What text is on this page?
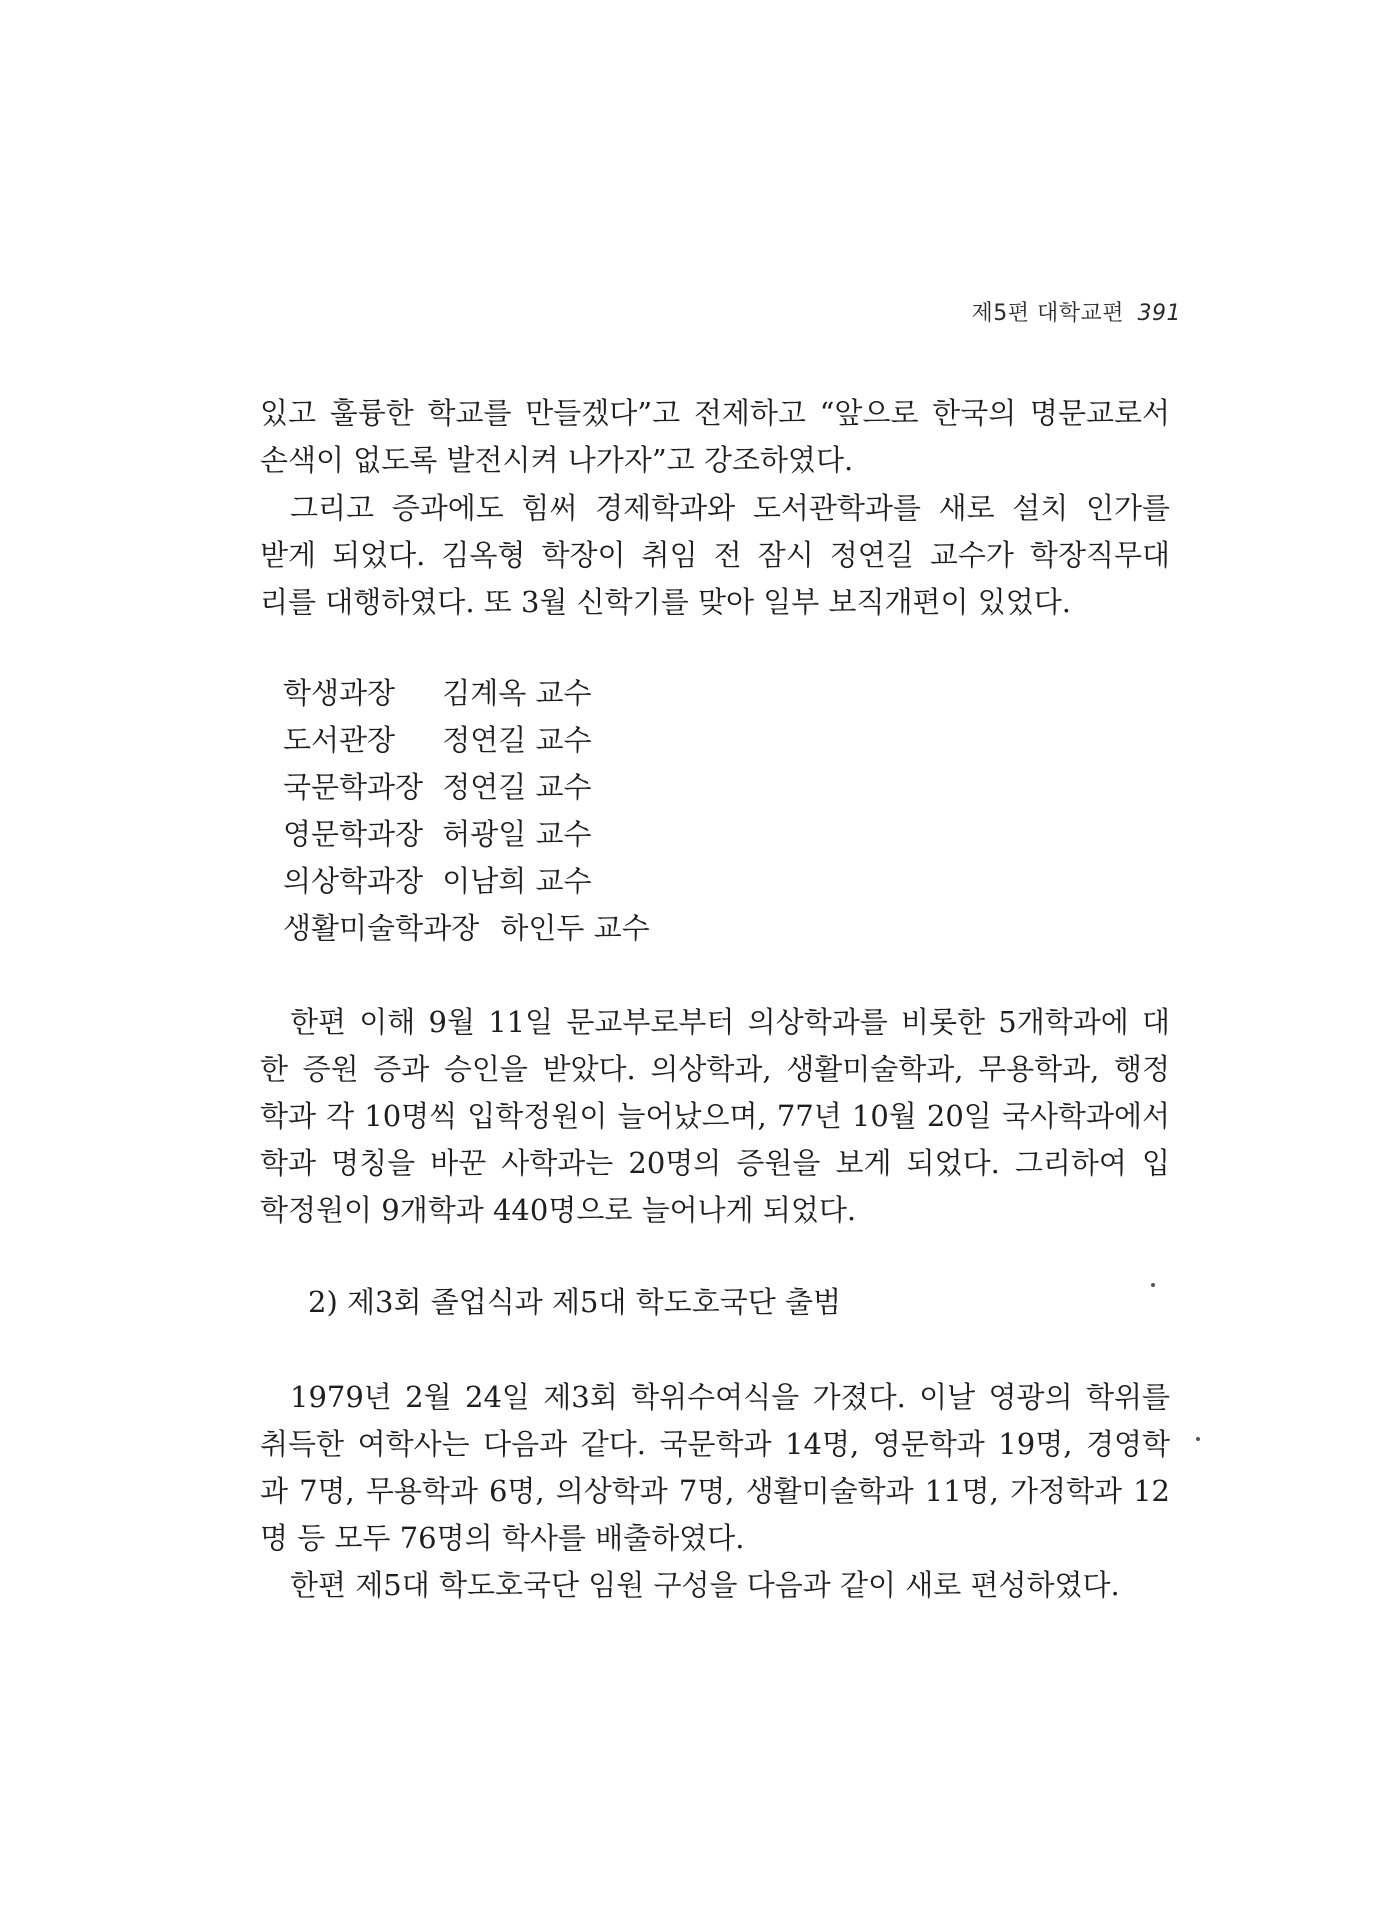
제5편 대학교편 391
있고 훌륭한 학교를 만들겠다”고 전제하고 “앞으로 한국의 명문교로서
손색이 없도록 발전시켜 나가자”고 강조하였다.
그리고 증과에도 힘써 경제학과와 도서관학과를 새로 설치 인가를
받게 되었다. 김옥형 학장이 취임 전 잠시 정연길 교수가 학장직무대
리를 대행하였다. 또 3월 신학기를 맞아 일부 보직개편이 있었다.
학생과장 김계옥 교수
도서관장 정연길 교수
국문학과장 정연길 교수
영문학과장 허광일 교수
의상학과장 이남희 교수
생활미술학과장 하인두 교수
한편 이해 9월 11일 문교부로부터 의상학과를 비롯한 5개학과에 대
한 증원 증과 승인을 받았다. 의상학과, 생활미술학과, 무용학과, 행정
학과 각 10명씩 입학정원이 늘어났으며, 77년 10월 20일 국사학과에서
학과 명칭을 바꾼 사학과는 20명의 증원을 보게 되었다. 그리하여 입
학정원이 9개학과 440명으로 늘어나게 되었다.
2) 제3회 졸업식과 제5대 학도호국단 출범
1979년 2월 24일 제3회 학위수여식을 가졌다. 이날 영광의 학위를
취득한 여학사는 다음과 같다. 국문학과 14명, 영문학과 19명, 경영학
과 7명, 무용학과 6명, 의상학과 7명, 생활미술학과 11명, 가정학과 12
명 등 모두 76명의 학사를 배출하였다.
한편 제5대 학도호국단 임원 구성을 다음과 같이 새로 편성하였다.
